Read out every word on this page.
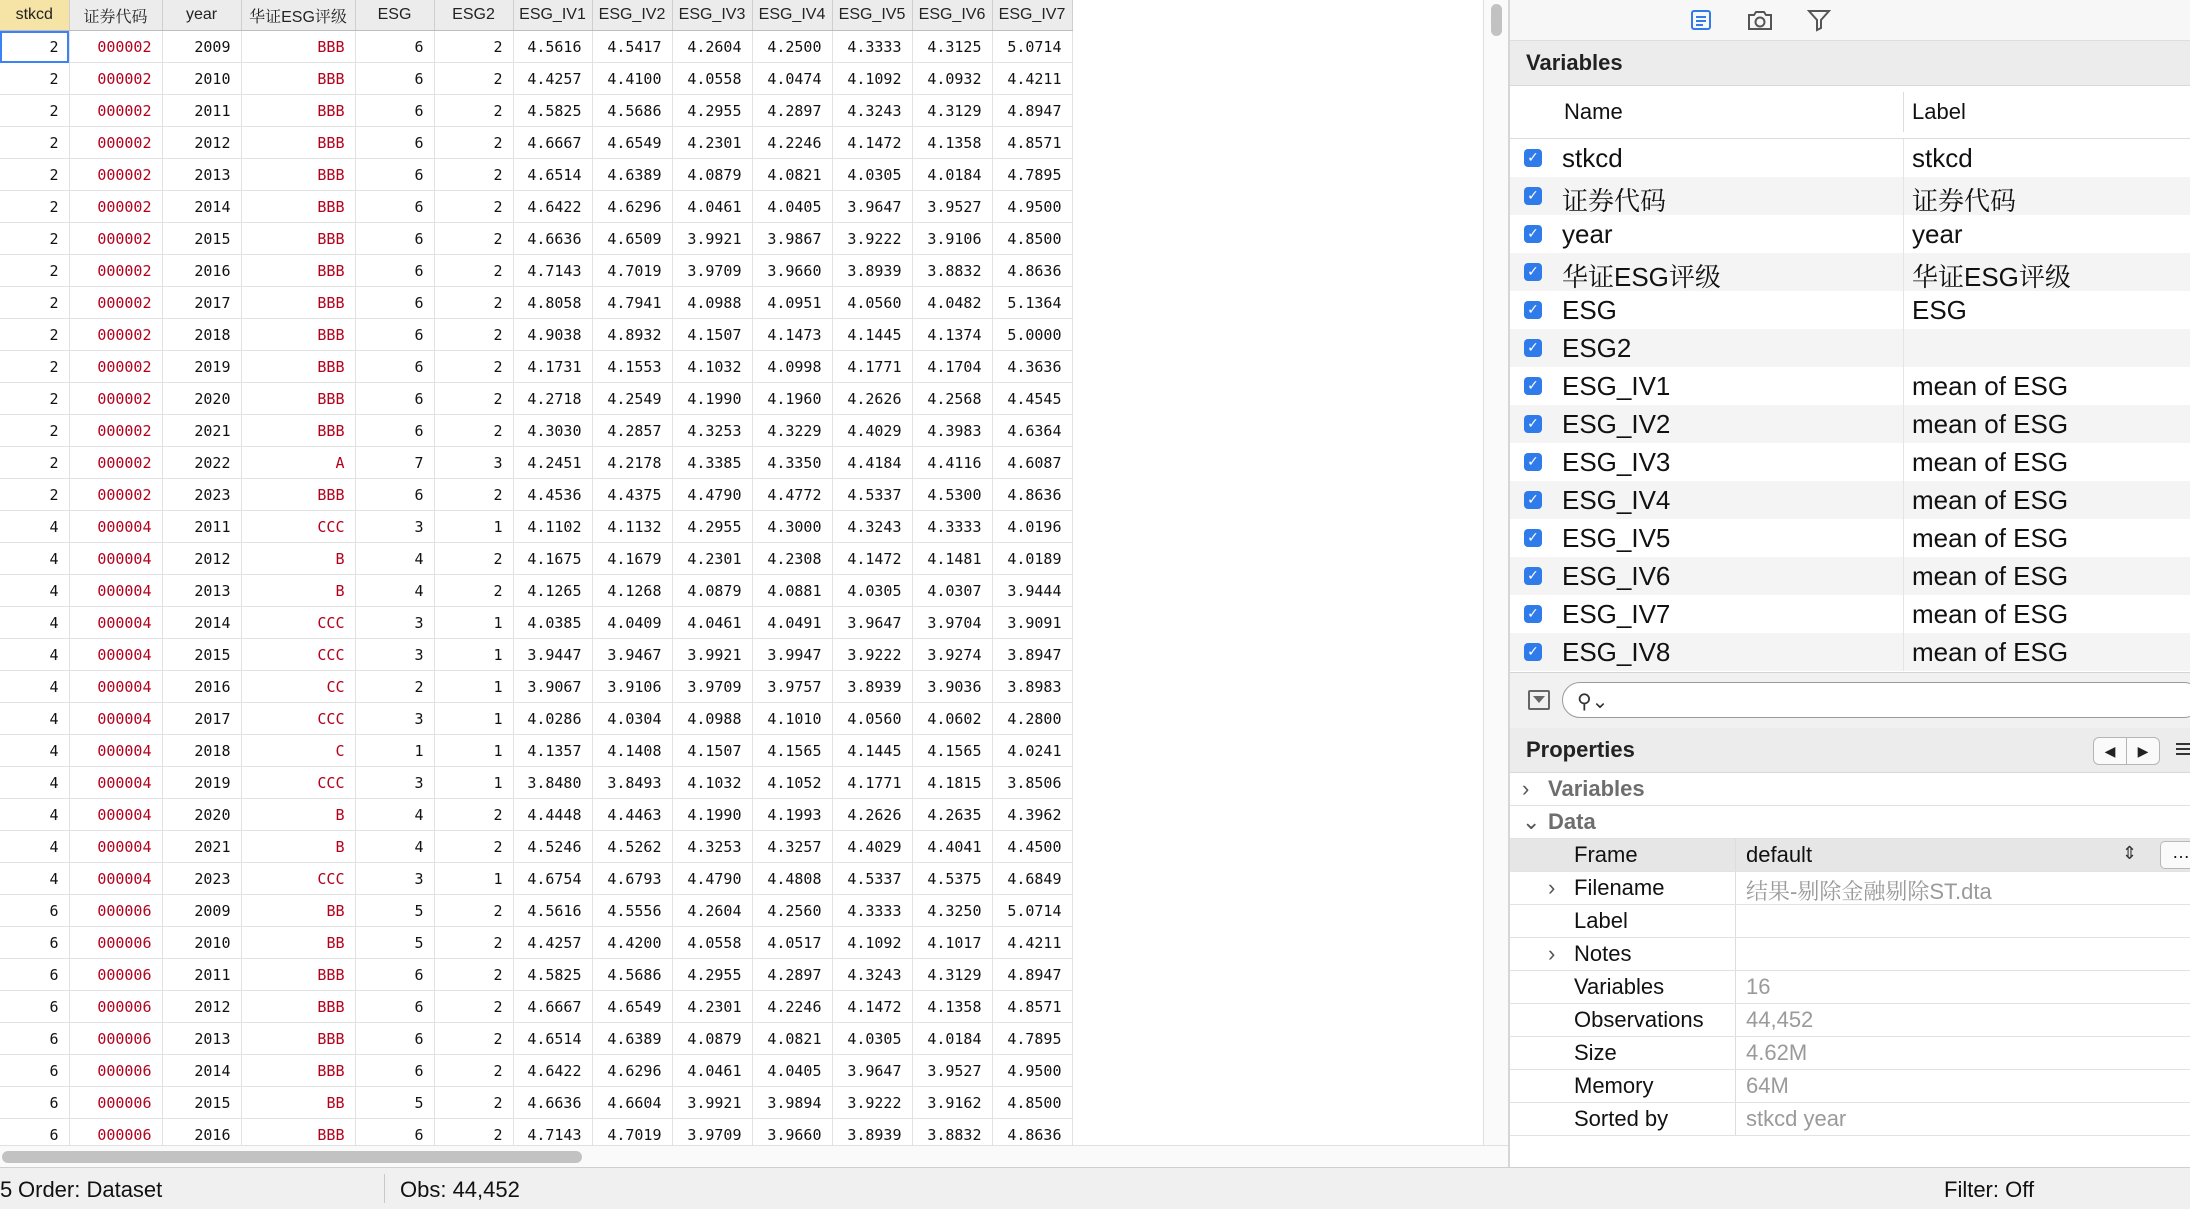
stkcd	证券代码	year	华证ESG评级	ESG	ESG2	ESG_IV1	ESG_IV2	ESG_IV3	ESG_IV4	ESG_IV5	ESG_IV6	ESG_IV7
2	000002	2009	BBB	6	2	4.5616	4.5417	4.2604	4.2500	4.3333	4.3125	5.0714
2	000002	2010	BBB	6	2	4.4257	4.4100	4.0558	4.0474	4.1092	4.0932	4.4211
2	000002	2011	BBB	6	2	4.5825	4.5686	4.2955	4.2897	4.3243	4.3129	4.8947
2	000002	2012	BBB	6	2	4.6667	4.6549	4.2301	4.2246	4.1472	4.1358	4.8571
2	000002	2013	BBB	6	2	4.6514	4.6389	4.0879	4.0821	4.0305	4.0184	4.7895
2	000002	2014	BBB	6	2	4.6422	4.6296	4.0461	4.0405	3.9647	3.9527	4.9500
2	000002	2015	BBB	6	2	4.6636	4.6509	3.9921	3.9867	3.9222	3.9106	4.8500
2	000002	2016	BBB	6	2	4.7143	4.7019	3.9709	3.9660	3.8939	3.8832	4.8636
2	000002	2017	BBB	6	2	4.8058	4.7941	4.0988	4.0951	4.0560	4.0482	5.1364
2	000002	2018	BBB	6	2	4.9038	4.8932	4.1507	4.1473	4.1445	4.1374	5.0000
2	000002	2019	BBB	6	2	4.1731	4.1553	4.1032	4.0998	4.1771	4.1704	4.3636
2	000002	2020	BBB	6	2	4.2718	4.2549	4.1990	4.1960	4.2626	4.2568	4.4545
2	000002	2021	BBB	6	2	4.3030	4.2857	4.3253	4.3229	4.4029	4.3983	4.6364
2	000002	2022	A	7	3	4.2451	4.2178	4.3385	4.3350	4.4184	4.4116	4.6087
2	000002	2023	BBB	6	2	4.4536	4.4375	4.4790	4.4772	4.5337	4.5300	4.8636
4	000004	2011	CCC	3	1	4.1102	4.1132	4.2955	4.3000	4.3243	4.3333	4.0196
4	000004	2012	B	4	2	4.1675	4.1679	4.2301	4.2308	4.1472	4.1481	4.0189
4	000004	2013	B	4	2	4.1265	4.1268	4.0879	4.0881	4.0305	4.0307	3.9444
4	000004	2014	CCC	3	1	4.0385	4.0409	4.0461	4.0491	3.9647	3.9704	3.9091
4	000004	2015	CCC	3	1	3.9447	3.9467	3.9921	3.9947	3.9222	3.9274	3.8947
4	000004	2016	CC	2	1	3.9067	3.9106	3.9709	3.9757	3.8939	3.9036	3.8983
4	000004	2017	CCC	3	1	4.0286	4.0304	4.0988	4.1010	4.0560	4.0602	4.2800
4	000004	2018	C	1	1	4.1357	4.1408	4.1507	4.1565	4.1445	4.1565	4.0241
4	000004	2019	CCC	3	1	3.8480	3.8493	4.1032	4.1052	4.1771	4.1815	3.8506
4	000004	2020	B	4	2	4.4448	4.4463	4.1990	4.1993	4.2626	4.2635	4.3962
4	000004	2021	B	4	2	4.5246	4.5262	4.3253	4.3257	4.4029	4.4041	4.4500
4	000004	2023	CCC	3	1	4.6754	4.6793	4.4790	4.4808	4.5337	4.5375	4.6849
6	000006	2009	BB	5	2	4.5616	4.5556	4.2604	4.2560	4.3333	4.3250	5.0714
6	000006	2010	BB	5	2	4.4257	4.4200	4.0558	4.0517	4.1092	4.1017	4.4211
6	000006	2011	BBB	6	2	4.5825	4.5686	4.2955	4.2897	4.3243	4.3129	4.8947
6	000006	2012	BBB	6	2	4.6667	4.6549	4.2301	4.2246	4.1472	4.1358	4.8571
6	000006	2013	BBB	6	2	4.6514	4.6389	4.0879	4.0821	4.0305	4.0184	4.7895
6	000006	2014	BBB	6	2	4.6422	4.6296	4.0461	4.0405	3.9647	3.9527	4.9500
6	000006	2015	BB	5	2	4.6636	4.6604	3.9921	3.9894	3.9222	3.9162	4.8500
6	000006	2016	BBB	6	2	4.7143	4.7019	3.9709	3.9660	3.8939	3.8832	4.8636
Variables
Name	Label
✓ stkcd	stkcd
✓ 证券代码	证券代码
✓ year	year
✓ 华证ESG评级	华证ESG评级
✓ ESG	ESG
✓ ESG2
✓ ESG_IV1	mean of ESG
✓ ESG_IV2	mean of ESG
✓ ESG_IV3	mean of ESG
✓ ESG_IV4	mean of ESG
✓ ESG_IV5	mean of ESG
✓ ESG_IV6	mean of ESG
✓ ESG_IV7	mean of ESG
✓ ESG_IV8	mean of ESG
⚲⌄
Properties	◀	▶
› Variables
⌄ Data
Frame	default	⇕	…
› Filename	结果-剔除金融剔除ST.dta
Label
› Notes
Variables	16
Observations 44,452
Size	4.62M
Memory	64M
Sorted by	stkcd year
5 Order: Dataset	Obs: 44,452	Filter: Off
